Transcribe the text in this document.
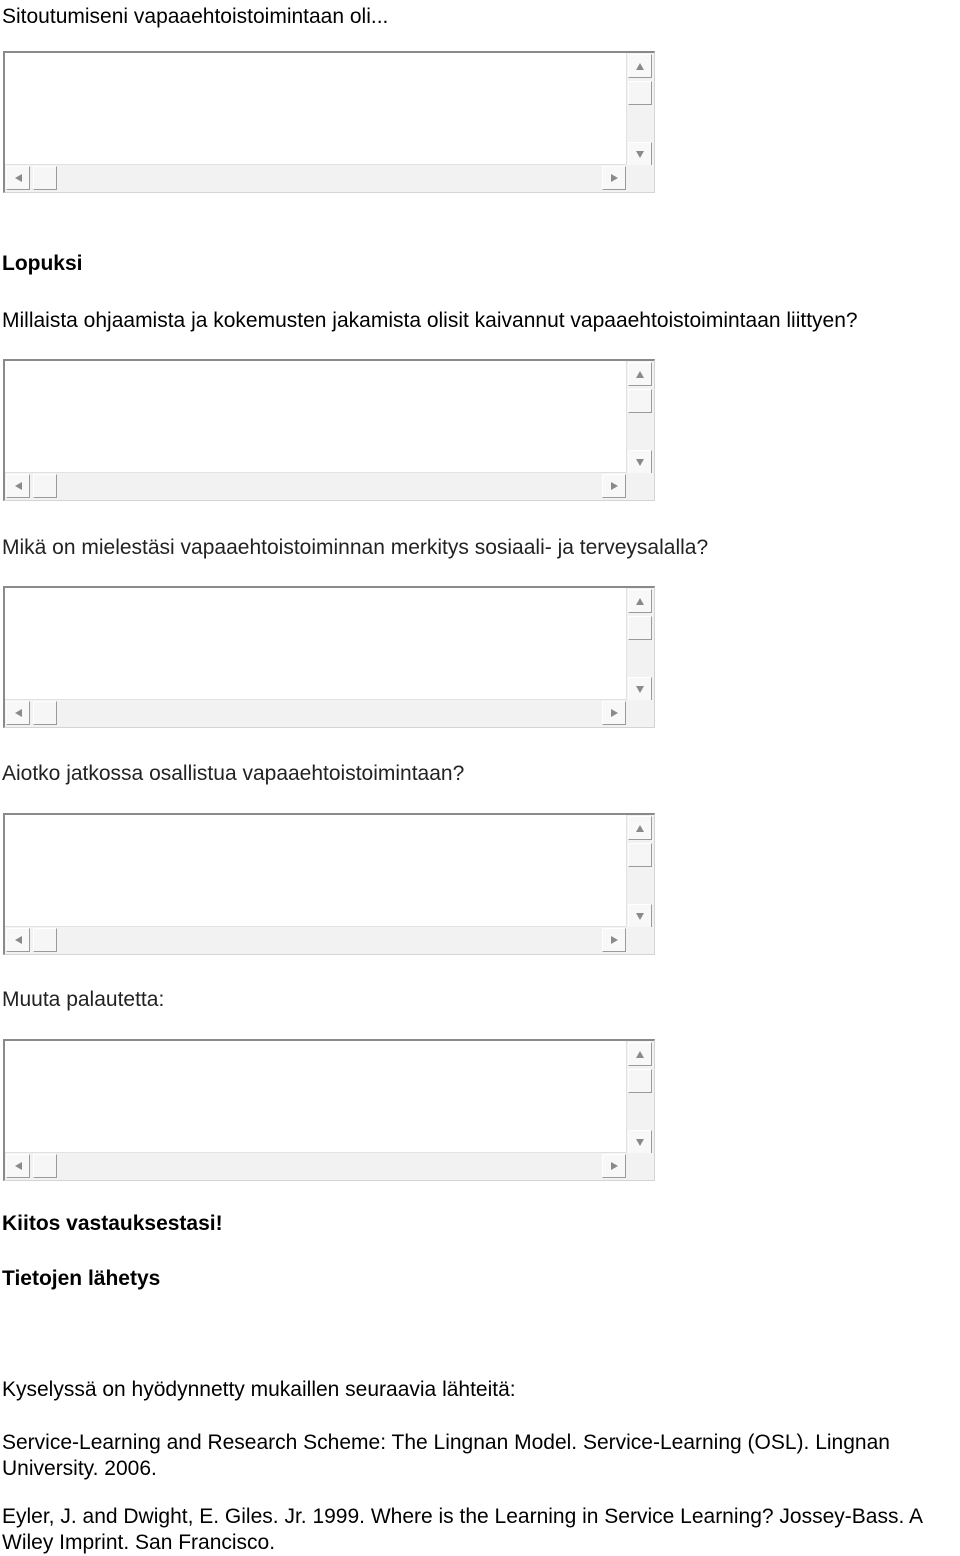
Sitoutumiseni vapaaehtoistoimintaan oli...
Lopuksi
Millaista ohjaamista ja kokemusten jakamista olisit kaivannut vapaaehtoistoimintaan liittyen?
Mikä on mielestäsi vapaaehtoistoiminnan merkitys sosiaali- ja terveysalalla?
Aiotko jatkossa osallistua vapaaehtoistoimintaan?
Muuta palautetta:
Kiitos vastauksestasi!
Tietojen lähetys
Kyselyssä on hyödynnetty mukaillen seuraavia lähteitä:
Service-Learning and Research Scheme: The Lingnan Model. Service-Learning (OSL). Lingnan University. 2006.
Eyler, J. and Dwight, E. Giles. Jr. 1999. Where is the Learning in Service Learning? Jossey-Bass. A Wiley Imprint. San Francisco.
